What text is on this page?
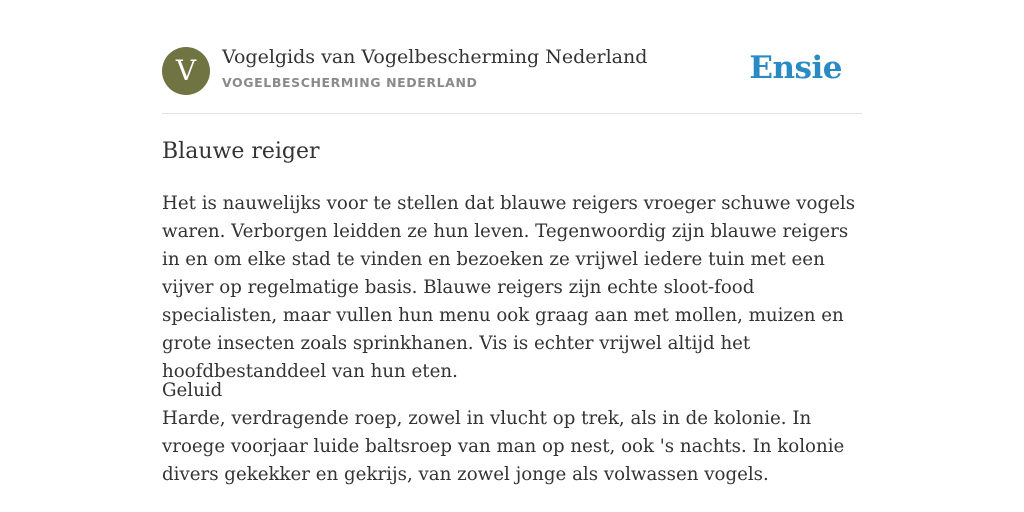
V	Vogelgids van Vogelbescherming Nederland
VOGELBESCHERMING NEDERLAND	Ensie
Blauwe reiger

Het is nauwelijks voor te stellen dat blauwe reigers vroeger schuwe vogels waren. Verborgen leidden ze hun leven. Tegenwoordig zijn blauwe reigers in en om elke stad te vinden en bezoeken ze vrijwel iedere tuin met een vijver op regelmatige basis. Blauwe reigers zijn echte sloot-food specialisten, maar vullen hun menu ook graag aan met mollen, muizen en grote insecten zoals sprinkhanen. Vis is echter vrijwel altijd het hoofdbestanddeel van hun eten.

Geluid
Harde, verdragende roep, zowel in vlucht op trek, als in de kolonie. In vroege voorjaar luide baltsroep van man op nest, ook 's nachts. In kolonie divers gekekker en gekrijs, van zowel jonge als volwassen vogels.
